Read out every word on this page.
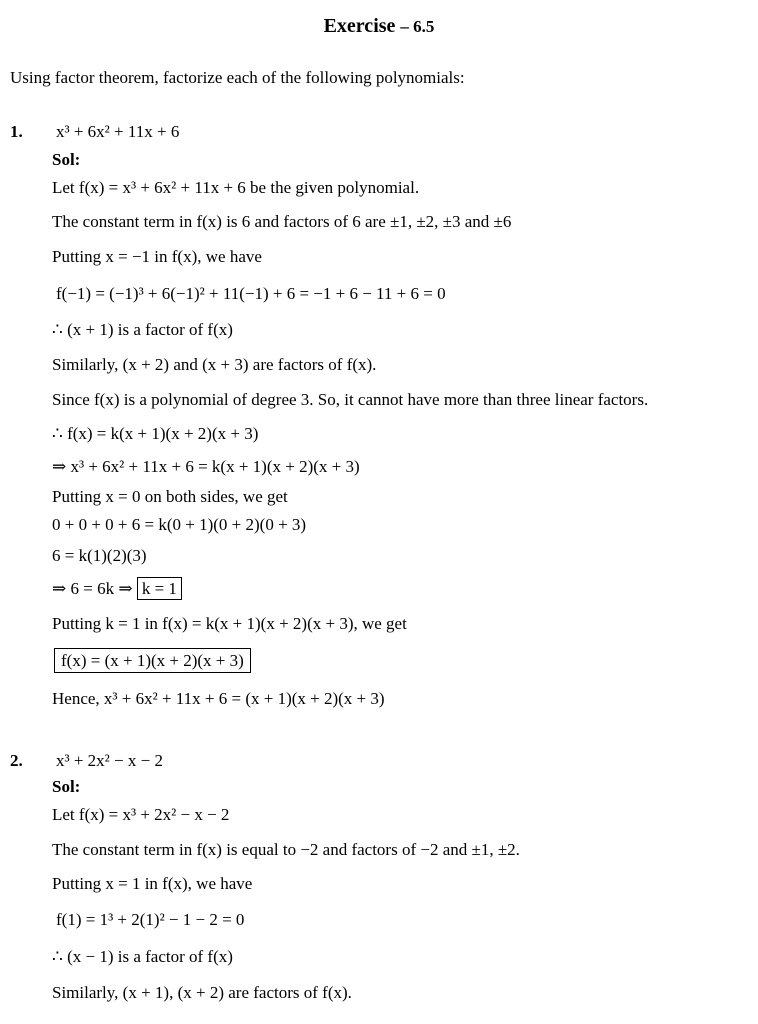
Exercise – 6.5
Using factor theorem, factorize each of the following polynomials:
1. x³ + 6x² + 11x + 6
Sol:
Let f(x) = x³ + 6x² + 11x + 6 be the given polynomial.
The constant term in f(x) is 6 and factors of 6 are ±1, ±2, ±3 and ±6
Putting x = −1 in f(x), we have
f(−1) = (−1)³ + 6(−1)² + 11(−1) + 6 = −1 + 6 − 11 + 6 = 0
∴ (x + 1) is a factor of f(x)
Similarly, (x + 2) and (x + 3) are factors of f(x).
Since f(x) is a polynomial of degree 3. So, it cannot have more than three linear factors.
∴ f(x) = k(x + 1)(x + 2)(x + 3)
⇒ x³ + 6x² + 11x + 6 = k(x + 1)(x + 2)(x + 3)
Putting x = 0 on both sides, we get
0 + 0 + 0 + 6 = k(0 + 1)(0 + 2)(0 + 3)
6 = k(1)(2)(3)
⇒ 6 = 6k ⇒ k = 1
Putting k = 1 in f(x) = k(x + 1)(x + 2)(x + 3), we get
f(x) = (x + 1)(x + 2)(x + 3)
Hence, x³ + 6x² + 11x + 6 = (x + 1)(x + 2)(x + 3)
2. x³ + 2x² − x − 2
Sol:
Let f(x) = x³ + 2x² − x − 2
The constant term in f(x) is equal to −2 and factors of −2 and ±1, ±2.
Putting x = 1 in f(x), we have
f(1) = 1³ + 2(1)² − 1 − 2 = 0
∴ (x − 1) is a factor of f(x)
Similarly, (x + 1), (x + 2) are factors of f(x).
